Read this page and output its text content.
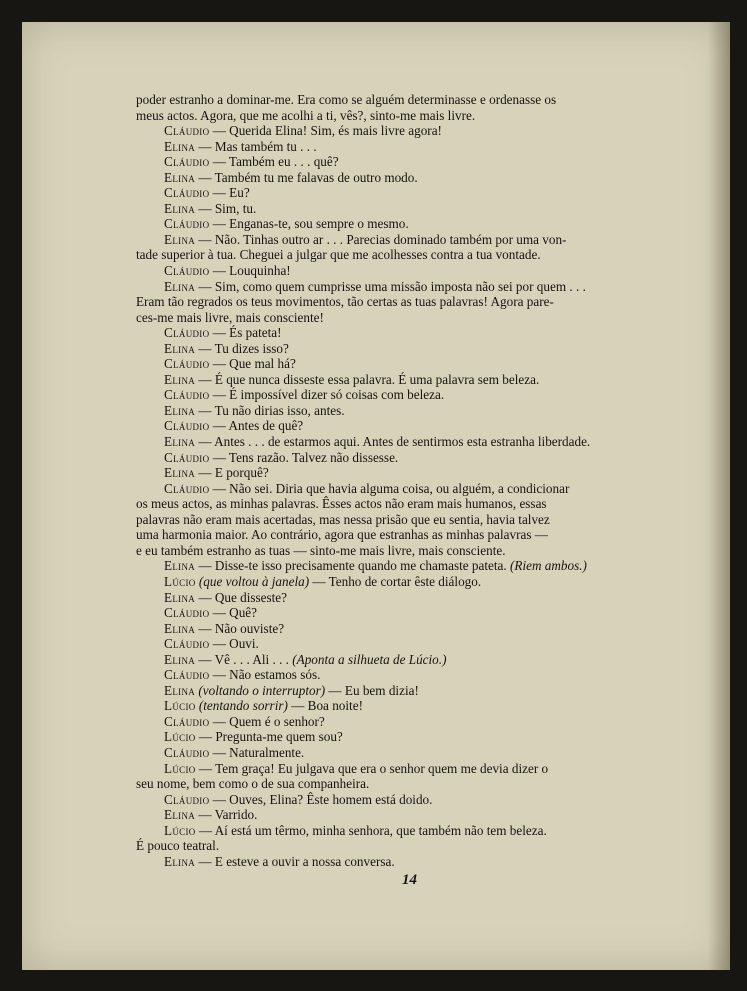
poder estranho a dominar-me. Era como se alguém determinasse e ordenasse os

meus actos. Agora, que me acolhi a ti, vês?, sinto-me mais livre.

Cláudio — Querida Elina! Sim, és mais livre agora!

Elina — Mas também tu . . .

Cláudio — Também eu . . . quê?

Elina — Também tu me falavas de outro modo.

Cláudio — Eu?

Elina — Sim, tu.

Cláudio — Enganas-te, sou sempre o mesmo.

Elina — Não. Tinhas outro ar . . . Parecias dominado também por uma von-

tade superior à tua. Cheguei a julgar que me acolhesses contra a tua vontade.

Cláudio — Louquinha!

Elina — Sim, como quem cumprisse uma missão imposta não sei por quem . . .

Eram tão regrados os teus movimentos, tão certas as tuas palavras! Agora pare-

ces-me mais livre, mais consciente!

Cláudio — És pateta!

Elina — Tu dizes isso?

Cláudio — Que mal há?

Elina — É que nunca disseste essa palavra. É uma palavra sem beleza.

Cláudio — É impossível dizer só coisas com beleza.

Elina — Tu não dirias isso, antes.

Cláudio — Antes de quê?

Elina — Antes . . . de estarmos aqui. Antes de sentirmos esta estranha liberdade.

Cláudio — Tens razão. Talvez não dissesse.

Elina — E porquê?

Cláudio — Não sei. Diria que havia alguma coisa, ou alguém, a condicionar

os meus actos, as minhas palavras. Êsses actos não eram mais humanos, essas

palavras não eram mais acertadas, mas nessa prisão que eu sentia, havia talvez

uma harmonia maior. Ao contrário, agora que estranhas as minhas palavras —

e eu também estranho as tuas — sinto-me mais livre, mais consciente.

Elina — Disse-te isso precisamente quando me chamaste pateta. (Riem ambos.)

Lúcio (que voltou à janela) — Tenho de cortar êste diálogo.

Elina — Que disseste?

Cláudio — Quê?

Elina — Não ouviste?

Cláudio — Ouvi.

Elina — Vê . . . Ali . . . (Aponta a silhueta de Lúcio.)

Cláudio — Não estamos sós.

Elina (voltando o interruptor) — Eu bem dizia!

Lúcio (tentando sorrir) — Boa noite!

Cláudio — Quem é o senhor?

Lúcio — Pregunta-me quem sou?

Cláudio — Naturalmente.

Lúcio — Tem graça! Eu julgava que era o senhor quem me devia dizer o

seu nome, bem como o de sua companheira.

Cláudio — Ouves, Elina? Êste homem está doido.

Elina — Varrido.

Lúcio — Aí está um têrmo, minha senhora, que também não tem beleza.

É pouco teatral.

Elina — E esteve a ouvir a nossa conversa.

14
